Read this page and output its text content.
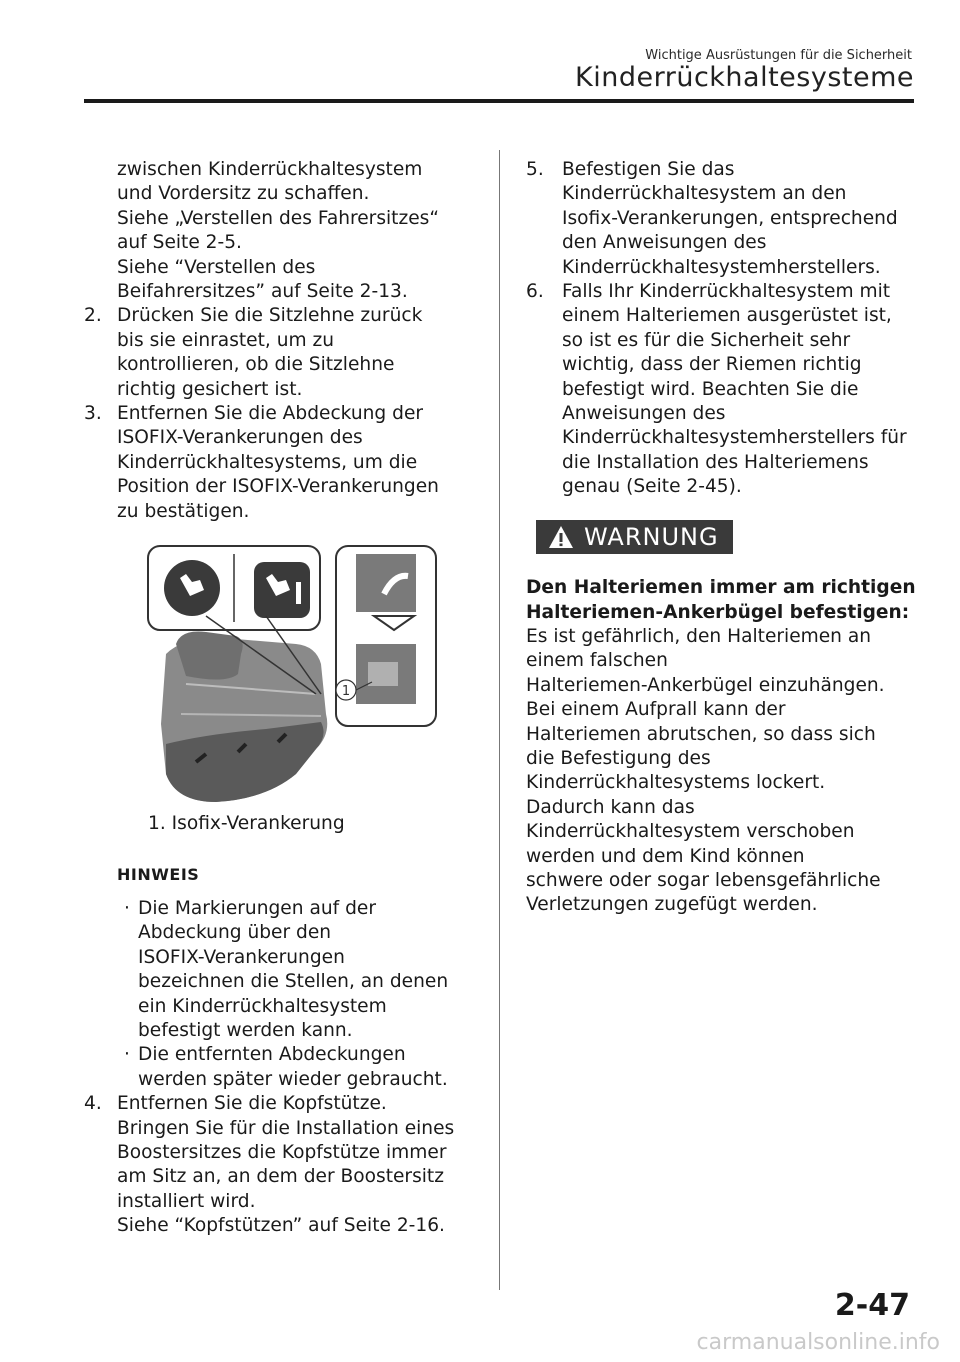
Wichtige Ausrüstungen für die Sicherheit
Kinderrückhaltesysteme

zwischen Kinderrückhaltesystem

und Vordersitz zu schaffen.

Siehe „Verstellen des Fahrersitzes“

auf Seite 2-5.

Siehe “Verstellen des

Beifahrersitzes” auf Seite 2-13.

2. Drücken Sie die Sitzlehne zurück

bis sie einrastet, um zu

kontrollieren, ob die Sitzlehne

richtig gesichert ist.

3. Entfernen Sie die Abdeckung der

ISOFIX-Verankerungen des

Kinderrückhaltesystems, um die

Position der ISOFIX-Verankerungen

zu bestätigen.

1

1. Isofix-Verankerung

HINWEIS

· Die Markierungen auf der

Abdeckung über den

ISOFIX-Verankerungen

bezeichnen die Stellen, an denen

ein Kinderrückhaltesystem

befestigt werden kann.

· Die entfernten Abdeckungen

werden später wieder gebraucht.

4. Entfernen Sie die Kopfstütze.

Bringen Sie für die Installation eines

Boostersitzes die Kopfstütze immer

am Sitz an, an dem der Boostersitz

installiert wird.

Siehe “Kopfstützen” auf Seite 2-16.

5. Befestigen Sie das

Kinderrückhaltesystem an den

Isofix-Verankerungen, entsprechend

den Anweisungen des

Kinderrückhaltesystemherstellers.

6. Falls Ihr Kinderrückhaltesystem mit

einem Halteriemen ausgerüstet ist,

so ist es für die Sicherheit sehr

wichtig, dass der Riemen richtig

befestigt wird. Beachten Sie die

Anweisungen des

Kinderrückhaltesystemherstellers für

die Installation des Halteriemens

genau (Seite 2-45).

WARNUNG

Den Halteriemen immer am richtigen

Halteriemen-Ankerbügel befestigen:

Es ist gefährlich, den Halteriemen an

einem falschen

Halteriemen-Ankerbügel einzuhängen.

Bei einem Aufprall kann der

Halteriemen abrutschen, so dass sich

die Befestigung des

Kinderrückhaltesystems lockert.

Dadurch kann das

Kinderrückhaltesystem verschoben

werden und dem Kind können

schwere oder sogar lebensgefährliche

Verletzungen zugefügt werden.

2-47
carmanualsonline.info
